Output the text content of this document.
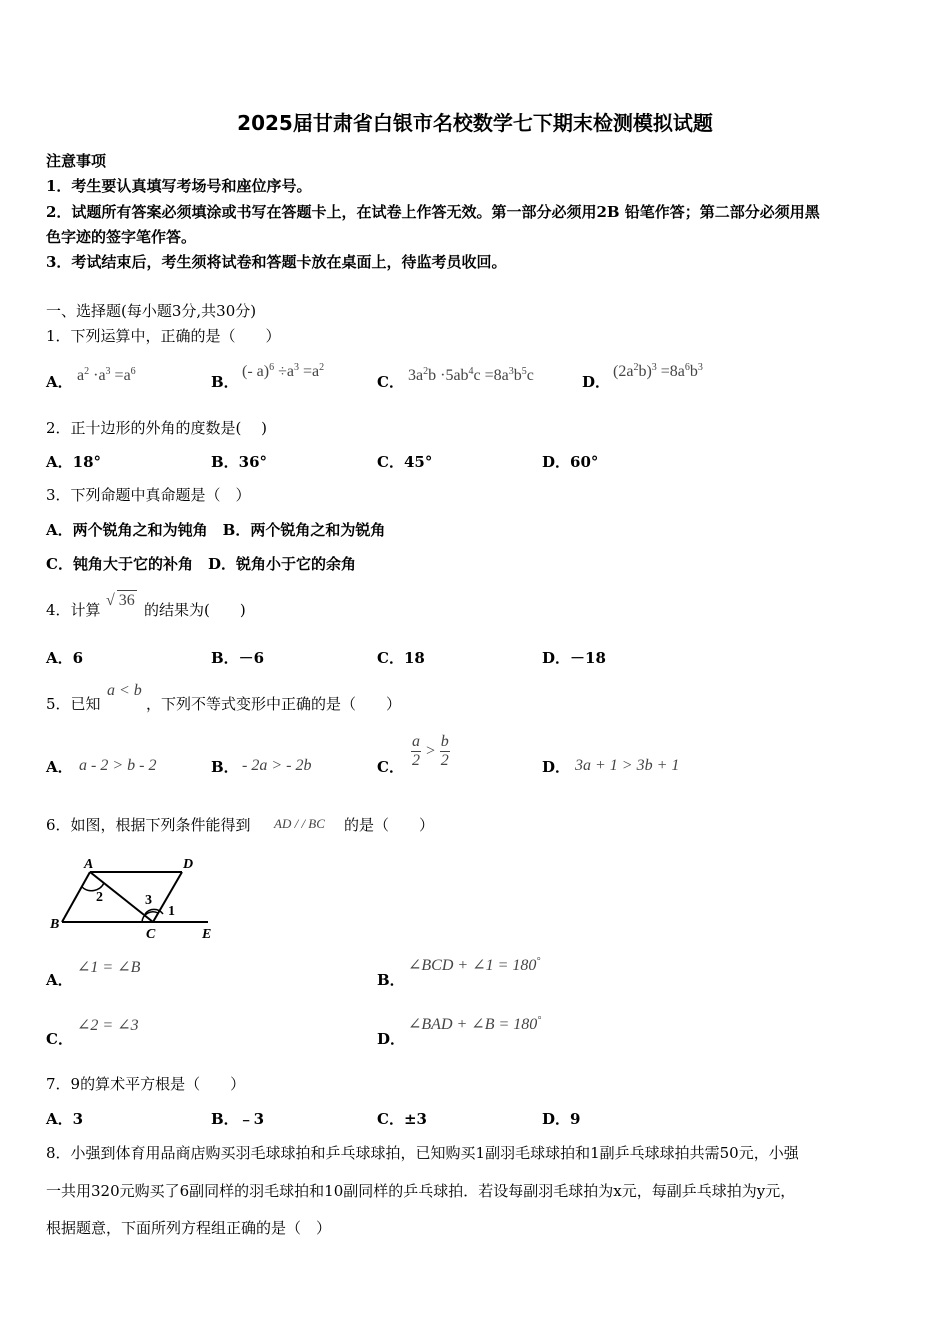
2025届甘肃省白银市名校数学七下期末检测模拟试题
注意事项
1．考生要认真填写考场号和座位序号。
2．试题所有答案必须填涂或书写在答题卡上，在试卷上作答无效。第一部分必须用2B 铅笔作答；第二部分必须用黑
色字迹的签字笔作答。
3．考试结束后，考生须将试卷和答题卡放在桌面上，待监考员收回。
一、选择题(每小题3分,共30分)
1．下列运算中，正确的是（　　）
A． $a^2 \cdot a^3 =a^6$
B．
(- $a)^6 \div a^3 =a^2$
C． $3a^2b \cdot 5ab^4c =8a^3b^5c$	D．
$(2a^2b)^3 =8a^6b^3$
2．正十边形的外角的度数是(　 )
A．18°	B．36°	C．45°	D．60°
3．下列命题中真命题是（　）
A．两个锐角之和为钝角　B．两个锐角之和为锐角
C．钝角大于它的补角　D．锐角小于它的余角
4．计算
√ 36
的结果为(　　)
A．6	B．－6	C．18	D．－18
5．已知
a < b
，下列不等式变形中正确的是（　　）
A． a - 2 > b - 2	B． - 2a > - 2b	C． $\frac{a}{2} > \frac{b}{2}$	D． 3a + 1 > 3b + 1
6．如图，根据下列条件能得到 AD / / BC 的是（　　）
A	D
B
C	E
1
2	3
A．
∠1 = ∠B
B．
∠BCD + ∠1 = 180°
C．
∠2 = ∠3
D．
∠BAD + ∠B = 180°
7．9的算术平方根是（　　）
A．3	B．﹣3	C．±3	D．9
8．小强到体育用品商店购买羽毛球球拍和乒乓球球拍，已知购买1副羽毛球球拍和1副乒乓球球拍共需50元，小强
一共用320元购买了6副同样的羽毛球拍和10副同样的乒乓球拍．若设每副羽毛球拍为x元，每副乒乓球拍为y元，
根据题意，下面所列方程组正确的是（　）
